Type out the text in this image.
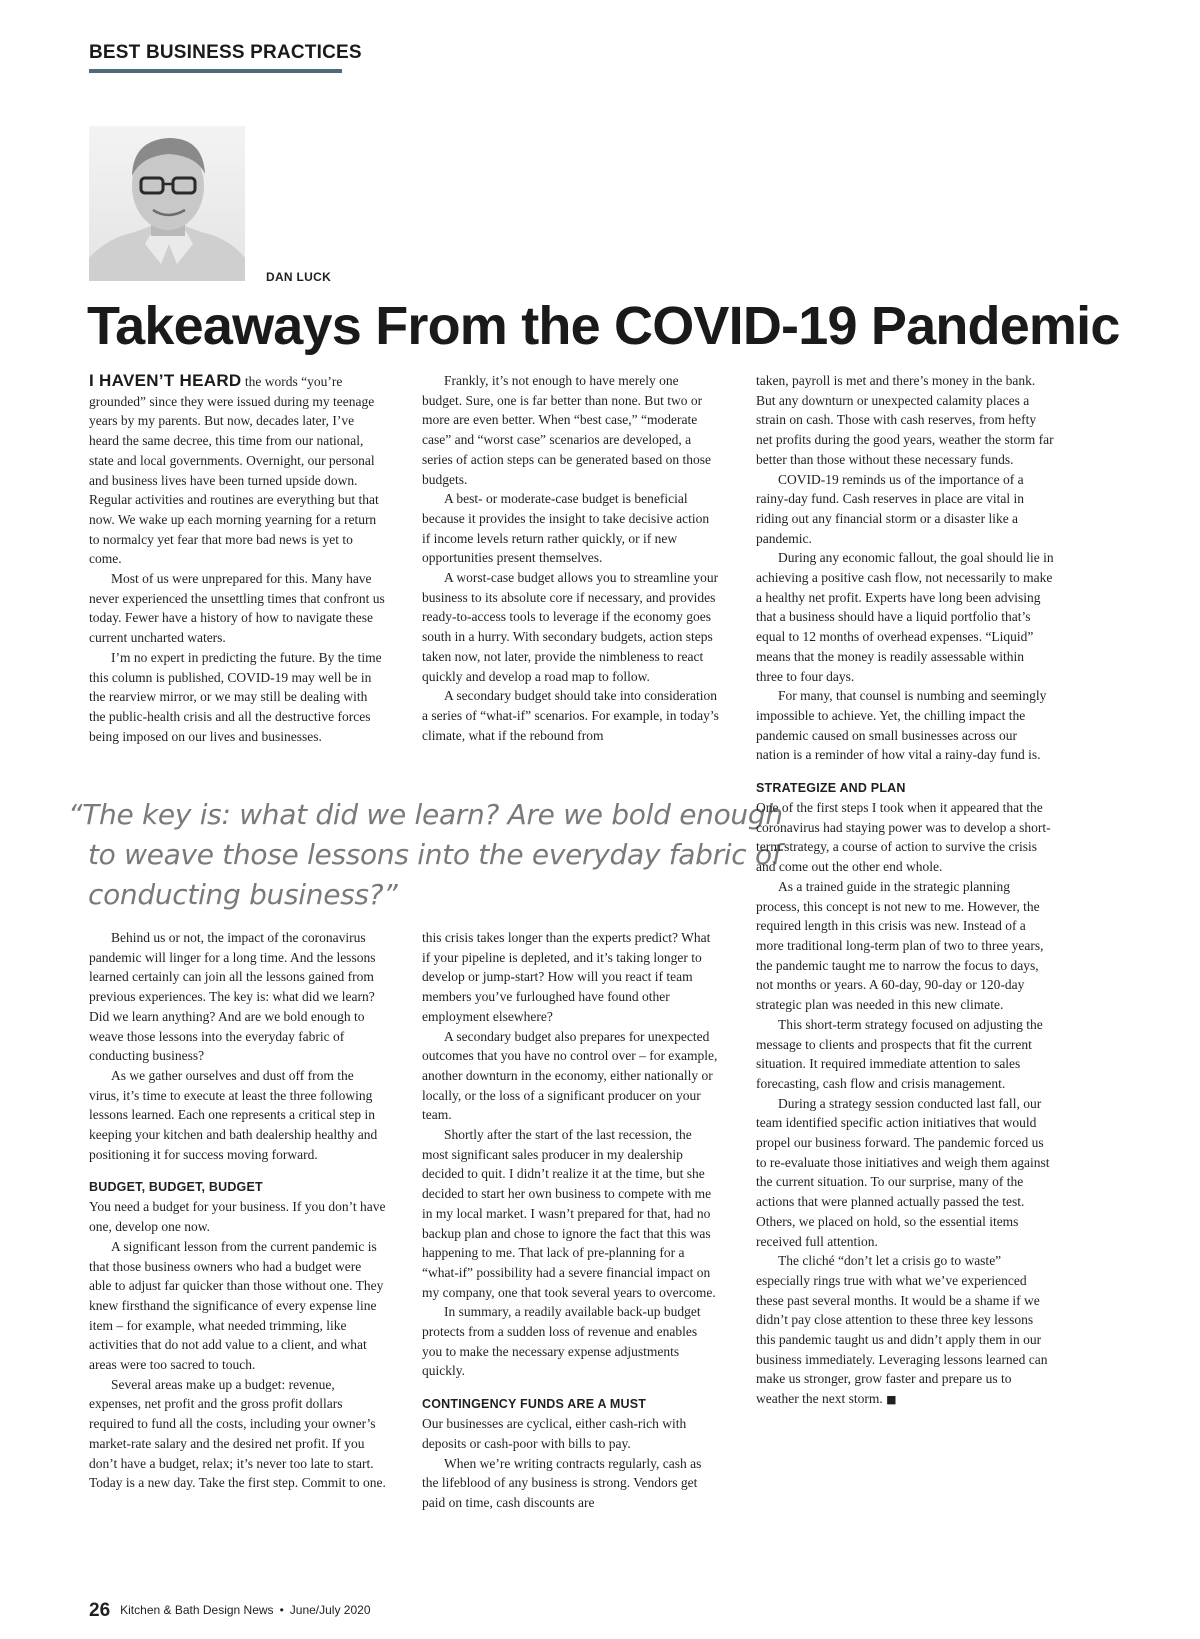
BEST BUSINESS PRACTICES
DAN LUCK
Takeaways From the COVID-19 Pandemic

I HAVEN’T HEARD the words “you’re grounded” since they were issued during my teenage years by my parents. But now, decades later, I’ve heard the same decree, this time from our national, state and local governments. Overnight, our personal and business lives have been turned upside down. Regular activities and routines are everything but that now. We wake up each morning yearning for a return to normalcy yet fear that more bad news is yet to come.

Most of us were unprepared for this. Many have never experienced the unsettling times that confront us today. Fewer have a history of how to navigate these current uncharted waters.

I’m no expert in predicting the future. By the time this column is published, COVID-19 may well be in the rearview mirror, or we may still be dealing with the public-health crisis and all the destructive forces being imposed on our lives and businesses.

Frankly, it’s not enough to have merely one budget. Sure, one is far better than none. But two or more are even better. When “best case,” “moderate case” and “worst case” scenarios are developed, a series of action steps can be generated based on those budgets.

A best- or moderate-case budget is beneficial because it provides the insight to take decisive action if income levels return rather quickly, or if new opportunities present themselves.

A worst-case budget allows you to streamline your business to its absolute core if necessary, and provides ready-to-access tools to leverage if the economy goes south in a hurry. With secondary budgets, action steps taken now, not later, provide the nimbleness to react quickly and develop a road map to follow.

A secondary budget should take into consideration a series of “what-if” scenarios. For example, in today’s climate, what if the rebound from

“The key is: what did we learn? Are we bold enough
to weave those lessons into the everyday fabric of
conducting business?”

Behind us or not, the impact of the coronavirus pandemic will linger for a long time. And the lessons learned certainly can join all the lessons gained from previous experiences. The key is: what did we learn? Did we learn anything? And are we bold enough to weave those lessons into the everyday fabric of conducting business?

As we gather ourselves and dust off from the virus, it’s time to execute at least the three following lessons learned. Each one represents a critical step in keeping your kitchen and bath dealership healthy and positioning it for success moving forward.

BUDGET, BUDGET, BUDGET

You need a budget for your business. If you don’t have one, develop one now.

A significant lesson from the current pandemic is that those business owners who had a budget were able to adjust far quicker than those without one. They knew firsthand the significance of every expense line item – for example, what needed trimming, like activities that do not add value to a client, and what areas were too sacred to touch.

Several areas make up a budget: revenue, expenses, net profit and the gross profit dollars required to fund all the costs, including your owner’s market-rate salary and the desired net profit. If you don’t have a budget, relax; it’s never too late to start. Today is a new day. Take the first step. Commit to one.

this crisis takes longer than the experts predict? What if your pipeline is depleted, and it’s taking longer to develop or jump-start? How will you react if team members you’ve furloughed have found other employment elsewhere?

A secondary budget also prepares for unexpected outcomes that you have no control over – for example, another downturn in the economy, either nationally or locally, or the loss of a significant producer on your team.

Shortly after the start of the last recession, the most significant sales producer in my dealership decided to quit. I didn’t realize it at the time, but she decided to start her own business to compete with me in my local market. I wasn’t prepared for that, had no backup plan and chose to ignore the fact that this was happening to me. That lack of pre-planning for a “what-if” possibility had a severe financial impact on my company, one that took several years to overcome.

In summary, a readily available back-up budget protects from a sudden loss of revenue and enables you to make the necessary expense adjustments quickly.

CONTINGENCY FUNDS ARE A MUST

Our businesses are cyclical, either cash-rich with deposits or cash-poor with bills to pay.

When we’re writing contracts regularly, cash as the lifeblood of any business is strong. Vendors get paid on time, cash discounts are

taken, payroll is met and there’s money in the bank. But any downturn or unexpected calamity places a strain on cash. Those with cash reserves, from hefty net profits during the good years, weather the storm far better than those without these necessary funds.

COVID-19 reminds us of the importance of a rainy-day fund. Cash reserves in place are vital in riding out any financial storm or a disaster like a pandemic.

During any economic fallout, the goal should lie in achieving a positive cash flow, not necessarily to make a healthy net profit. Experts have long been advising that a business should have a liquid portfolio that’s equal to 12 months of overhead expenses. “Liquid” means that the money is readily assessable within three to four days.

For many, that counsel is numbing and seemingly impossible to achieve. Yet, the chilling impact the pandemic caused on small businesses across our nation is a reminder of how vital a rainy-day fund is.

STRATEGIZE AND PLAN

One of the first steps I took when it appeared that the coronavirus had staying power was to develop a short-term strategy, a course of action to survive the crisis and come out the other end whole.

As a trained guide in the strategic planning process, this concept is not new to me. However, the required length in this crisis was new. Instead of a more traditional long-term plan of two to three years, the pandemic taught me to narrow the focus to days, not months or years. A 60-day, 90-day or 120-day strategic plan was needed in this new climate.

This short-term strategy focused on adjusting the message to clients and prospects that fit the current situation. It required immediate attention to sales forecasting, cash flow and crisis management.

During a strategy session conducted last fall, our team identified specific action initiatives that would propel our business forward. The pandemic forced us to re-evaluate those initiatives and weigh them against the current situation. To our surprise, many of the actions that were planned actually passed the test. Others, we placed on hold, so the essential items received full attention.

The cliché “don’t let a crisis go to waste” especially rings true with what we’ve experienced these past several months. It would be a shame if we didn’t pay close attention to these three key lessons this pandemic taught us and didn’t apply them in our business immediately. Leveraging lessons learned can make us stronger, grow faster and prepare us to weather the next storm. ■

26 Kitchen & Bath Design News • June/July 2020
